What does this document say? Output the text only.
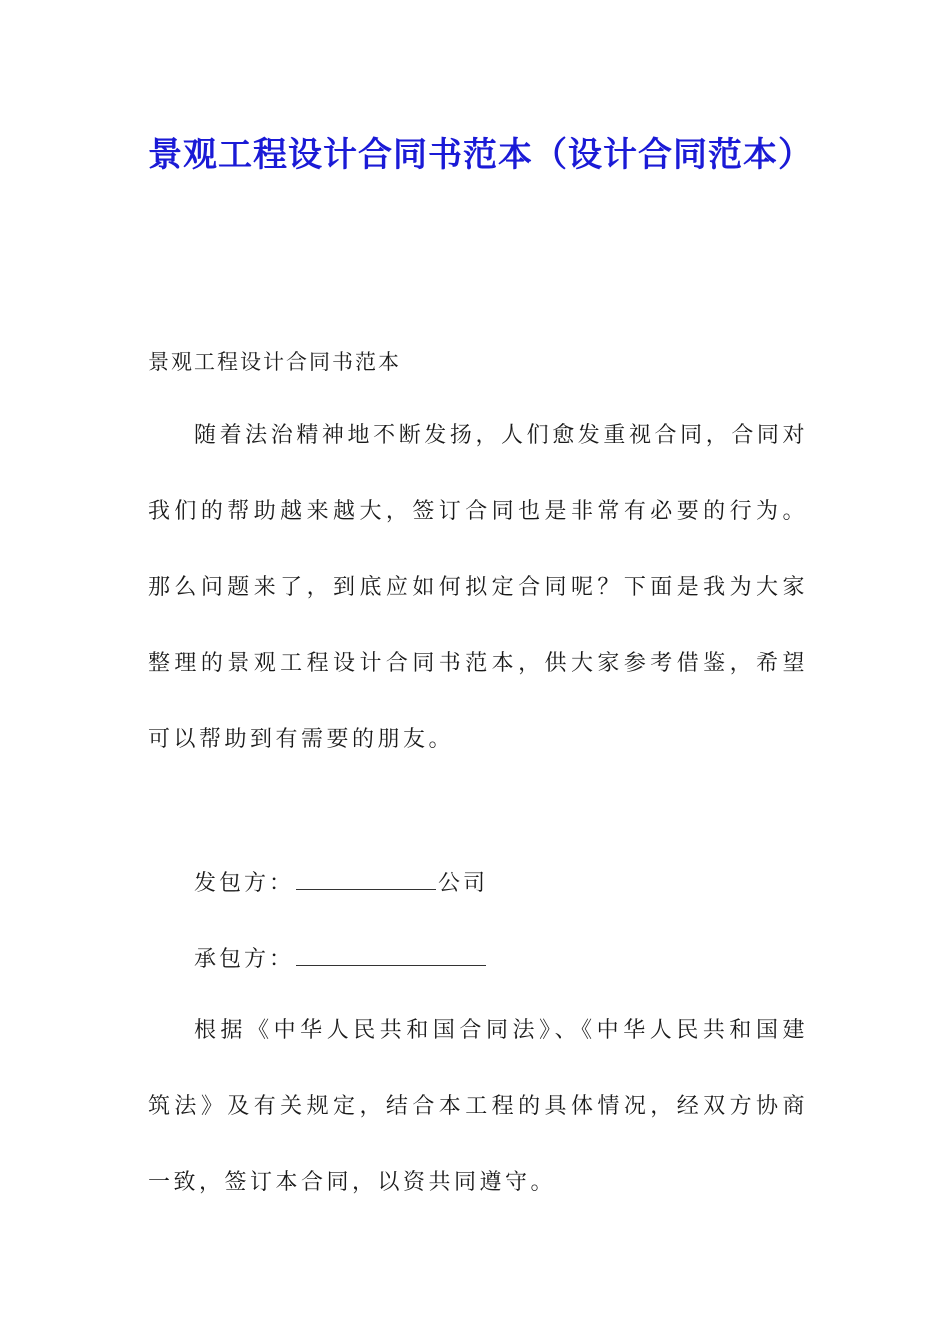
景观工程设计合同书范本（设计合同范本）
景观工程设计合同书范本
随着法治精神地不断发扬，人们愈发重视合同，合同对我们的帮助越来越大，签订合同也是非常有必要的行为。那么问题来了，到底应如何拟定合同呢？下面是我为大家整理的景观工程设计合同书范本，供大家参考借鉴，希望可以帮助到有需要的朋友。
发包方：	公司
承包方：
根据《中华人民共和国合同法》、《中华人民共和国建筑法》及有关规定，结合本工程的具体情况，经双方协商一致，签订本合同，以资共同遵守。
